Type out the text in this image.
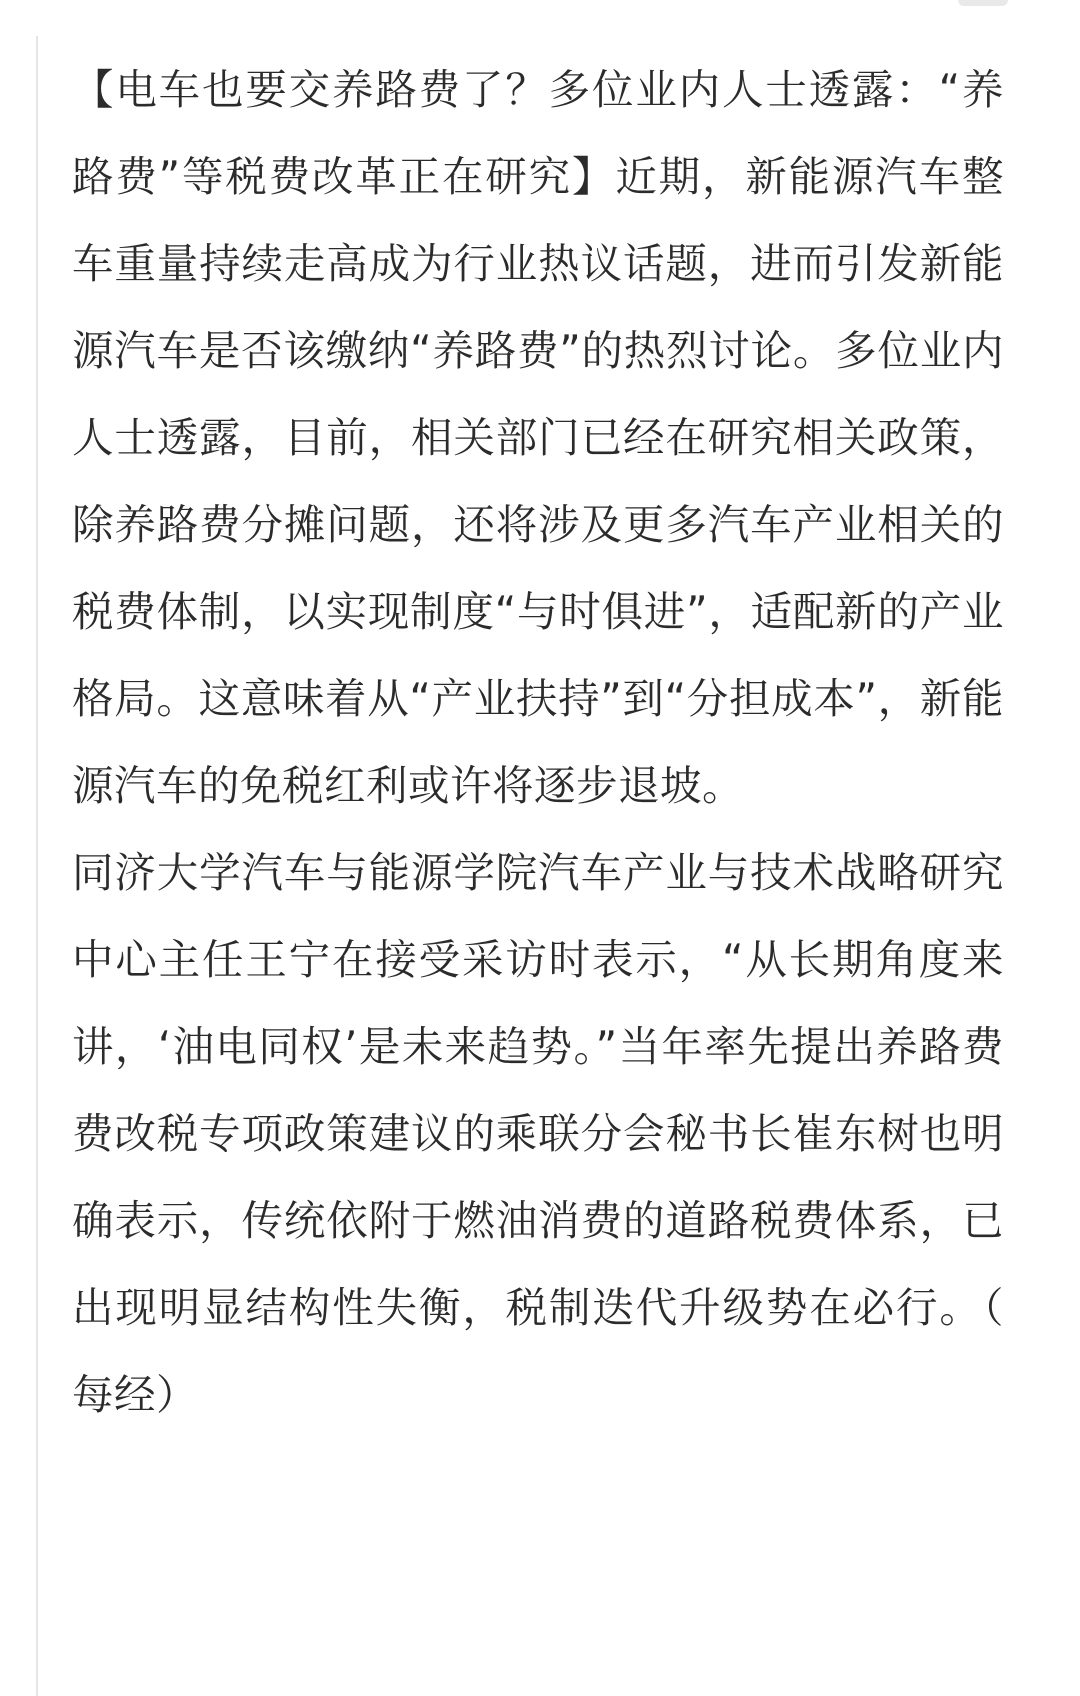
【电车也要交养路费了？多位业内人士透露：“养路费”等税费改革正在研究】近期，新能源汽车整车重量持续走高成为行业热议话题，进而引发新能源汽车是否该缴纳“养路费”的热烈讨论。多位业内人士透露，目前，相关部门已经在研究相关政策，除养路费分摊问题，还将涉及更多汽车产业相关的税费体制，以实现制度“与时俱进”，适配新的产业格局。这意味着从“产业扶持”到“分担成本”，新能源汽车的免税红利或许将逐步退坡。

同济大学汽车与能源学院汽车产业与技术战略研究中心主任王宁在接受采访时表示，“从长期角度来讲，‘油电同权’是未来趋势。”当年率先提出养路费费改税专项政策建议的乘联分会秘书长崔东树也明确表示，传统依附于燃油消费的道路税费体系，已出现明显结构性失衡，税制迭代升级势在必行。（每经）
